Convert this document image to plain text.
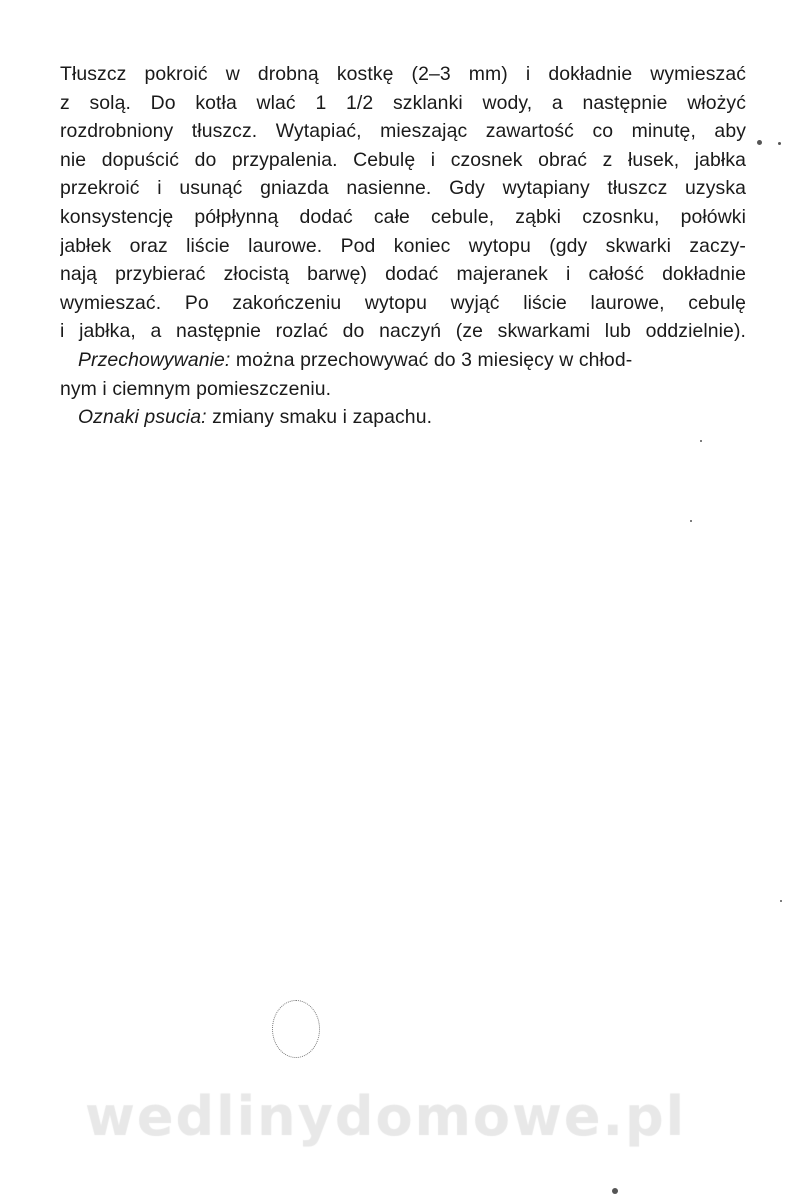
Tłuszcz pokroić w drobną kostkę (2–3 mm) i dokładnie wymieszać
z solą. Do kotła wlać 1 1/2 szklanki wody, a następnie włożyć
rozdrobniony tłuszcz. Wytapiać, mieszając zawartość co minutę, aby
nie dopuścić do przypalenia. Cebulę i czosnek obrać z łusek, jabłka
przekroić i usunąć gniazda nasienne. Gdy wytapiany tłuszcz uzyska
konsystencję półpłynną dodać całe cebule, ząbki czosnku, połówki
jabłek oraz liście laurowe. Pod koniec wytopu (gdy skwarki zaczy-
nają przybierać złocistą barwę) dodać majeranek i całość dokładnie
wymieszać. Po zakończeniu wytopu wyjąć liście laurowe, cebulę
i jabłka, a następnie rozlać do naczyń (ze skwarkami lub oddzielnie).
Przechowywanie: można przechowywać do 3 miesięcy w chłod-
nym i ciemnym pomieszczeniu.
Oznaki psucia: zmiany smaku i zapachu.
wedlinydomowe.pl
